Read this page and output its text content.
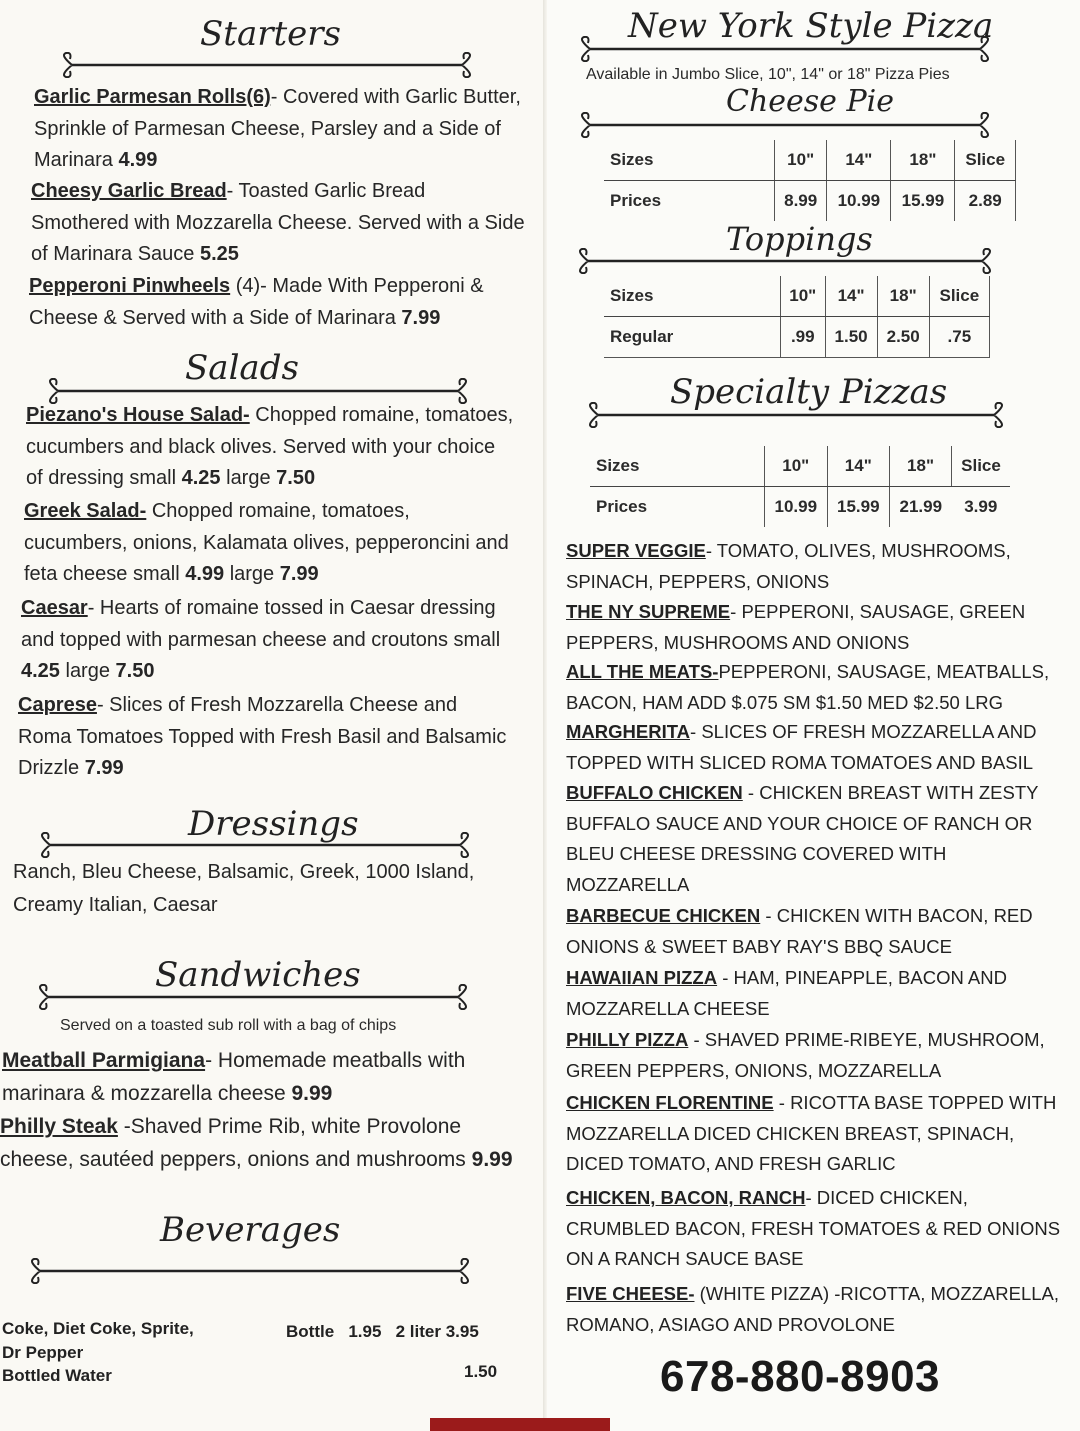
Starters
Garlic Parmesan Rolls(6)- Covered with Garlic Butter, Sprinkle of Parmesan Cheese, Parsley and a Side of Marinara 4.99
Cheesy Garlic Bread- Toasted Garlic Bread Smothered with Mozzarella Cheese. Served with a Side of Marinara Sauce 5.25
Pepperoni Pinwheels (4)- Made With Pepperoni & Cheese & Served with a Side of Marinara 7.99
Salads
Piezano's House Salad- Chopped romaine, tomatoes, cucumbers and black olives. Served with your choice of dressing small 4.25 large 7.50
Greek Salad- Chopped romaine, tomatoes, cucumbers, onions, Kalamata olives, pepperoncini and feta cheese small 4.99 large 7.99
Caesar- Hearts of romaine tossed in Caesar dressing and topped with parmesan cheese and croutons small 4.25 large 7.50
Caprese- Slices of Fresh Mozzarella Cheese and Roma Tomatoes Topped with Fresh Basil and Balsamic Drizzle 7.99
Dressings
Ranch, Bleu Cheese, Balsamic, Greek, 1000 Island, Creamy Italian, Caesar
Sandwiches
Served on a toasted sub roll with a bag of chips
Meatball Parmigiana- Homemade meatballs with marinara & mozzarella cheese 9.99
Philly Steak -Shaved Prime Rib, white Provolone cheese, sautéed peppers, onions and mushrooms 9.99
Beverages
Coke, Diet Coke, Sprite,
Dr Pepper
Bottled Water
Bottle 1.95 2 liter 3.95
1.50
New York Style Pizza
Available in Jumbo Slice, 10", 14" or 18" Pizza Pies
Cheese Pie
Sizes	10"	14"	18"	Slice
Prices	8.99	10.99	15.99	2.89
Toppings
Sizes	10"	14"	18"	Slice
Regular	.99	1.50	2.50	.75
Specialty Pizzas
Sizes	10"	14"	18"	Slice
Prices	10.99	15.99	21.99	3.99
SUPER VEGGIE- TOMATO, OLIVES, MUSHROOMS, SPINACH, PEPPERS, ONIONS
THE NY SUPREME- PEPPERONI, SAUSAGE, GREEN PEPPERS, MUSHROOMS AND ONIONS
ALL THE MEATS-PEPPERONI, SAUSAGE, MEATBALLS, BACON, HAM ADD $.075 SM $1.50 MED $2.50 LRG
MARGHERITA- SLICES OF FRESH MOZZARELLA AND TOPPED WITH SLICED ROMA TOMATOES AND BASIL
BUFFALO CHICKEN - CHICKEN BREAST WITH ZESTY BUFFALO SAUCE AND YOUR CHOICE OF RANCH OR BLEU CHEESE DRESSING COVERED WITH MOZZARELLA
BARBECUE CHICKEN - CHICKEN WITH BACON, RED ONIONS & SWEET BABY RAY'S BBQ SAUCE
HAWAIIAN PIZZA - HAM, PINEAPPLE, BACON AND MOZZARELLA CHEESE
PHILLY PIZZA - SHAVED PRIME-RIBEYE, MUSHROOM, GREEN PEPPERS, ONIONS, MOZZARELLA
CHICKEN FLORENTINE - RICOTTA BASE TOPPED WITH MOZZARELLA DICED CHICKEN BREAST, SPINACH, DICED TOMATO, AND FRESH GARLIC
CHICKEN, BACON, RANCH- DICED CHICKEN, CRUMBLED BACON, FRESH TOMATOES & RED ONIONS ON A RANCH SAUCE BASE
FIVE CHEESE- (WHITE PIZZA) -RICOTTA, MOZZARELLA, ROMANO, ASIAGO AND PROVOLONE
678-880-8903
